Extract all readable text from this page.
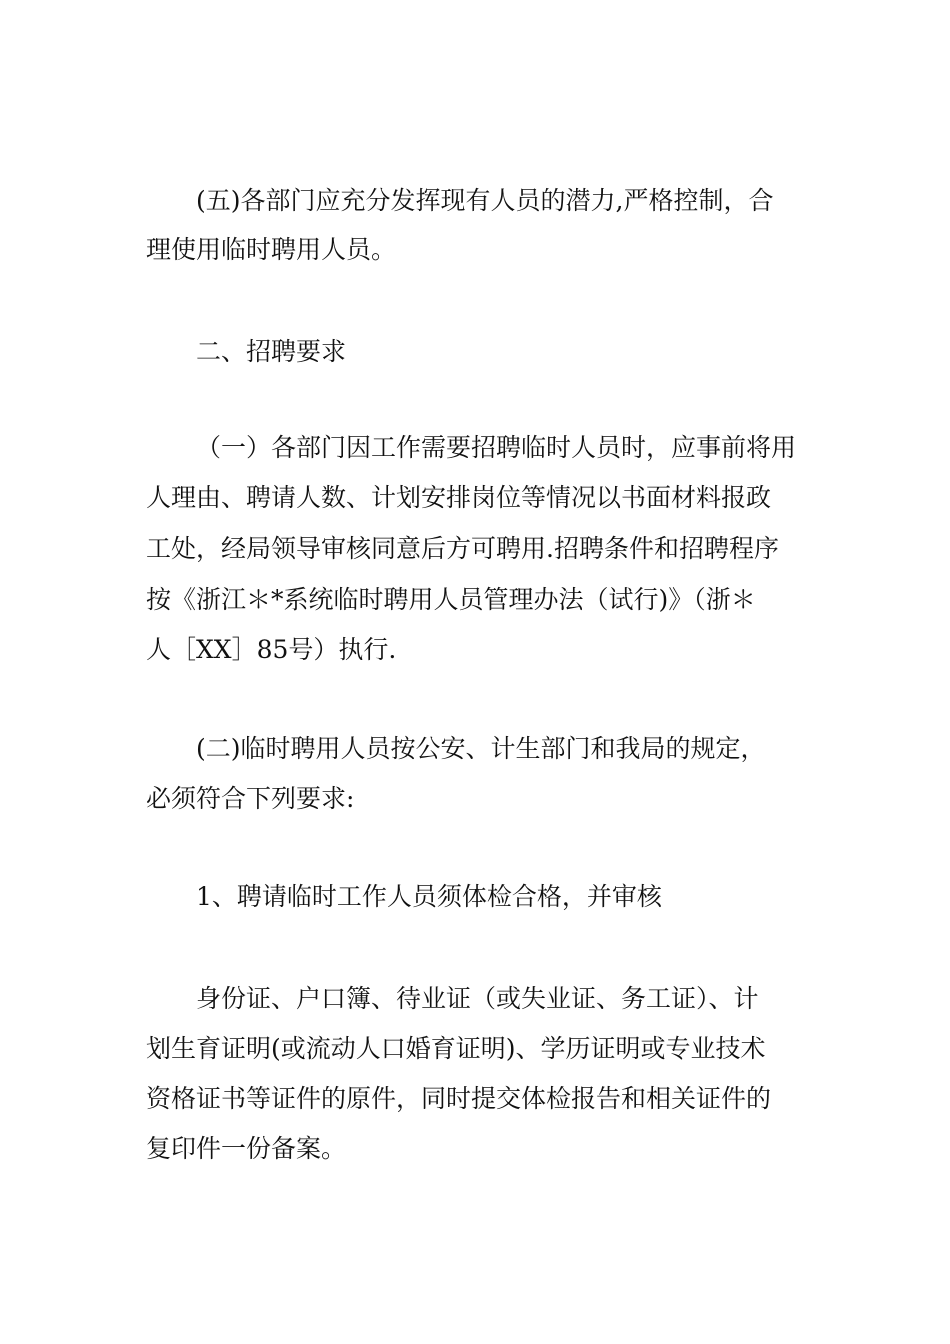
(五)各部门应充分发挥现有人员的潜力,严格控制，合
理使用临时聘用人员。
二、招聘要求
（一）各部门因工作需要招聘临时人员时，应事前将用
人理由、聘请人数、计划安排岗位等情况以书面材料报政
工处，经局领导审核同意后方可聘用.招聘条件和招聘程序
按《浙江＊*系统临时聘用人员管理办法（试行)》（浙＊
人［XX］85号）执行.
(二)临时聘用人员按公安、计生部门和我局的规定，
必须符合下列要求:
1、聘请临时工作人员须体检合格，并审核
身份证、户口簿、待业证（或失业证、务工证）、计
划生育证明(或流动人口婚育证明)、学历证明或专业技术
资格证书等证件的原件，同时提交体检报告和相关证件的
复印件一份备案。
